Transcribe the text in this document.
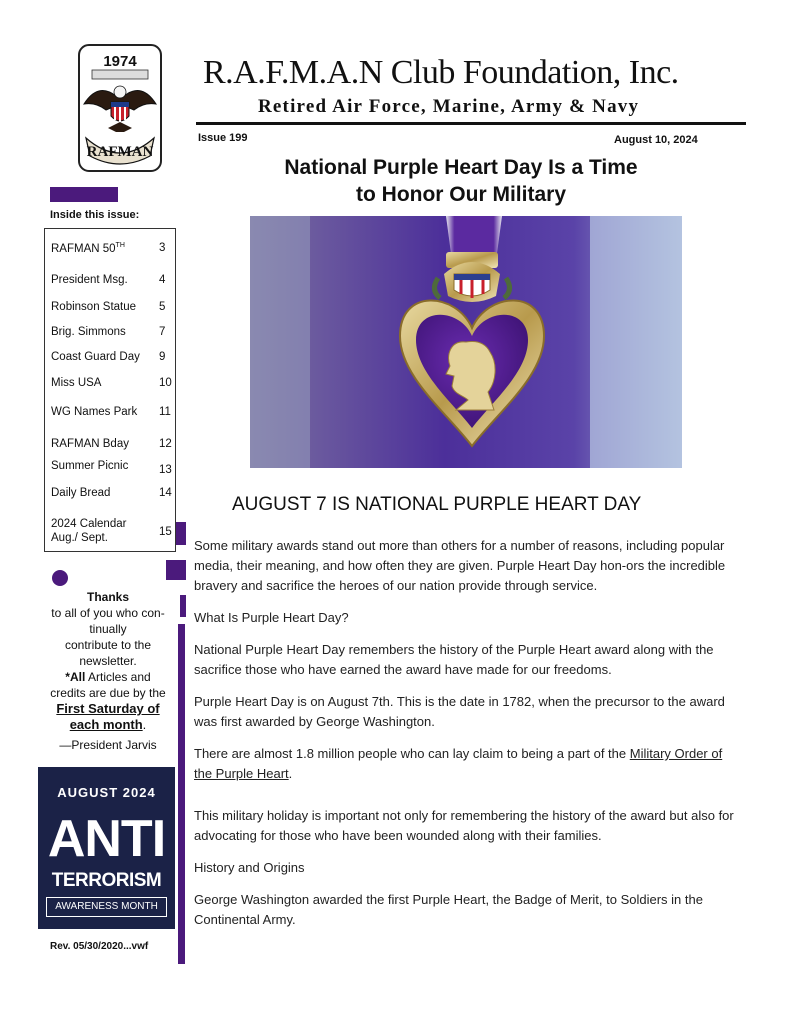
1974
RAFMAN
R.A.F.M.A.N Club Foundation, Inc.
Retired Air Force, Marine, Army & Navy
Issue 199	August 10, 2024
National Purple Heart Day Is a Time
to Honor Our Military
Inside this issue:
RAFMAN 50TH	3
President Msg.	4
Robinson Statue 5
Brig. Simmons	7
Coast Guard Day 9
Miss USA	10
WG Names Park 11
RAFMAN Bday	12
Summer Picnic	13
Daily Bread	14
2024 Calendar
Aug./ Sept.	15
Thanks
to all of you who con-
tinually
contribute to the
newsletter.
*All Articles and
credits are due by the
First Saturday of
each month.
—President Jarvis
AUGUST 2024
ANTI
TERRORISM
AWARENESS MONTH
Rev. 05/30/2020...vwf
AUGUST 7 IS NATIONAL PURPLE HEART DAY

Some military awards stand out more than others for a number of reasons, including popular media, their meaning, and how often they are given. Purple Heart Day hon-ors the incredible bravery and sacrifice the heroes of our nation provide through service.

What Is Purple Heart Day?

National Purple Heart Day remembers the history of the Purple Heart award along with the sacrifice those who have earned the award have made for our freedoms.

Purple Heart Day is on August 7th. This is the date in 1782, when the precursor to the award was first awarded by George Washington.

There are almost 1.8 million people who can lay claim to being a part of the Military Order of the Purple Heart.

This military holiday is important not only for remembering the history of the award but also for advocating for those who have been wounded along with their families.

History and Origins

George Washington awarded the first Purple Heart, the Badge of Merit, to Soldiers in the Continental Army.
